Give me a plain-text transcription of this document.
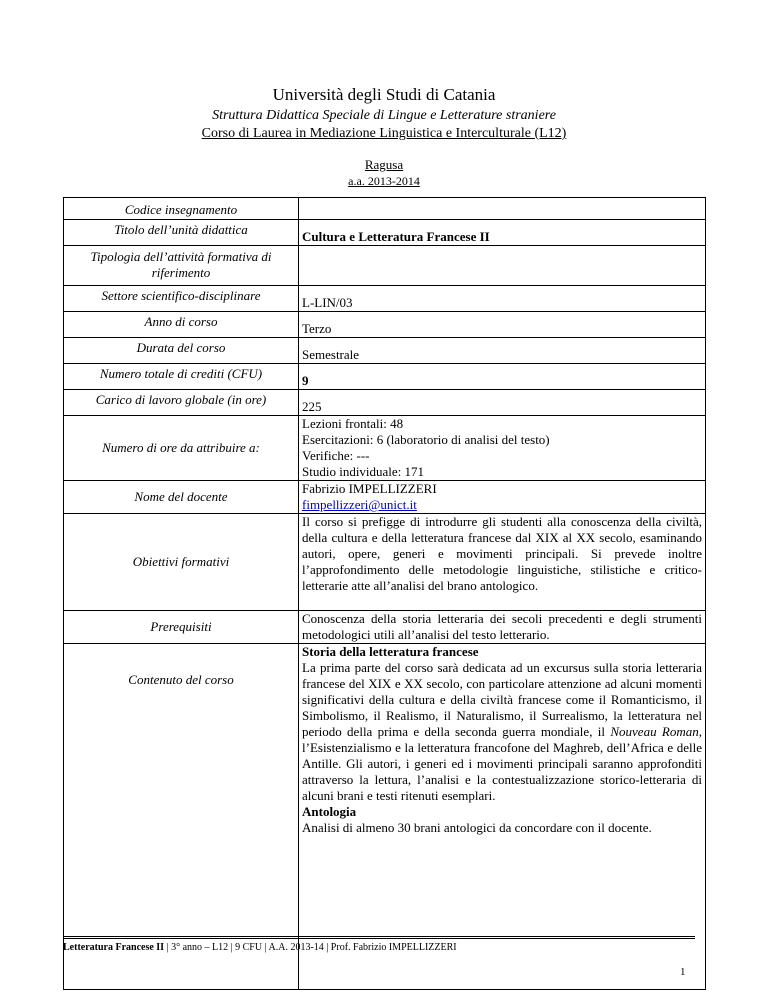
Università degli Studi di Catania
Struttura Didattica Speciale di Lingue e Letterature straniere
Corso di Laurea in Mediazione Linguistica e Interculturale (L12)
Ragusa
a.a. 2013-2014
Codice insegnamento	
Titolo dell’unità didattica	Cultura e Letteratura Francese II
Tipologia dell’attività formativa di riferimento	
Settore scientifico-disciplinare	L-LIN/03
Anno di corso	Terzo
Durata del corso	Semestrale
Numero totale di crediti (CFU)	9
Carico di lavoro globale (in ore)	225
Numero di ore da attribuire a:	Lezioni frontali: 48
Esercitazioni: 6 (laboratorio di analisi del testo)
Verifiche: ---
Studio individuale: 171

Nome del docente	Fabrizio IMPELLIZZERI
fimpellizzeri@unict.it

Obiettivi formativi	Il corso si prefigge di introdurre gli studenti alla conoscenza della civiltà, della cultura e della letteratura francese dal XIX al XX secolo, esaminando autori, opere, generi e movimenti principali. Si prevede inoltre l’approfondimento delle metodologie linguistiche, stilistiche e critico-letterarie atte all’analisi del brano antologico.
Prerequisiti	Conoscenza della storia letteraria dei secoli precedenti e degli strumenti metodologici utili all’analisi del testo letterario.
Contenuto del corso	Storia della letteratura francese
La prima parte del corso sarà dedicata ad un excursus sulla storia letteraria francese del XIX e XX secolo, con particolare attenzione ad alcuni momenti significativi della cultura e della civiltà francese come il Romanticismo, il Simbolismo, il Realismo, il Naturalismo, il Surrealismo, la letteratura nel periodo della prima e della seconda guerra mondiale, il Nouveau Roman, l’Esistenzialismo e la letteratura francofone del Maghreb, dell’Africa e delle Antille. Gli autori, i generi ed i movimenti principali saranno approfonditi attraverso la lettura, l’analisi e la contestualizzazione storico-letteraria di alcuni brani e testi ritenuti esemplari.
Antologia
Analisi di almeno 30 brani antologici da concordare con il docente.
Letteratura Francese II | 3° anno – L12 | 9 CFU | A.A. 2013-14 | Prof. Fabrizio IMPELLIZZERI
1
